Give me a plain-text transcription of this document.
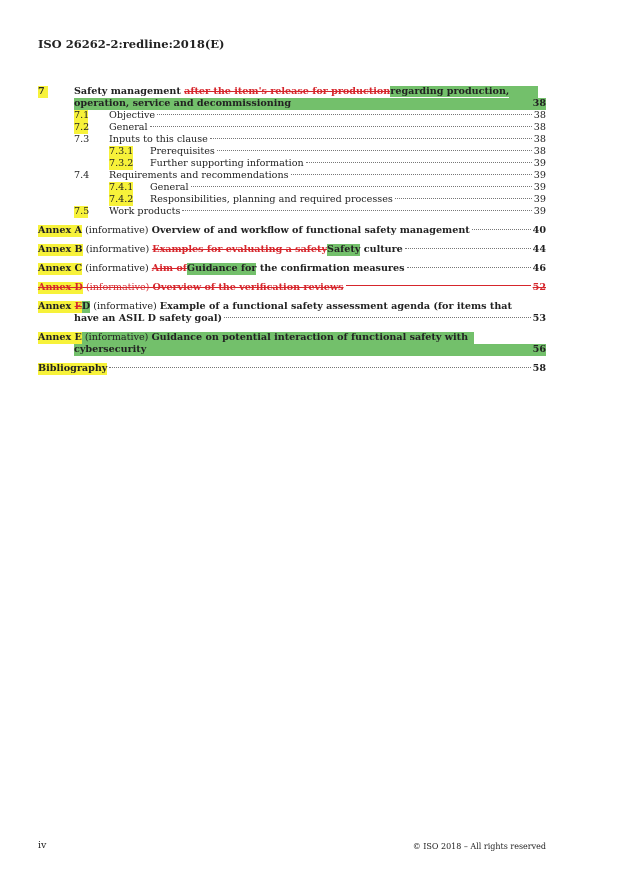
ISO 26262-2:redline:2018(E)
7	Safety management after the item's release for productionregarding production,
operation, service and decommissioning	38
7.1 Objective	38
7.2 General	38
7.3 Inputs to this clause	38
7.3.1 Prerequisites	38
7.3.2 Further supporting information	39
7.4 Requirements and recommendations	39
7.4.1 General	39
7.4.2 Responsibilities, planning and required processes	39
7.5 Work products	39
Annex A (informative) Overview of and workflow of functional safety management	40
Annex B (informative) Examples for evaluating a safety Safety culture	44
Annex C (informative) Aim of Guidance for the confirmation measures	46
Annex D (informative) Overview of the verification reviews	52
Annex E D (informative) Example of a functional safety assessment agenda (for items that
have an ASIL D safety goal)	53
Annex E (informative) Guidance on potential interaction of functional safety with
cybersecurity	56
Bibliography	58
iv	© ISO 2018 – All rights reserved
